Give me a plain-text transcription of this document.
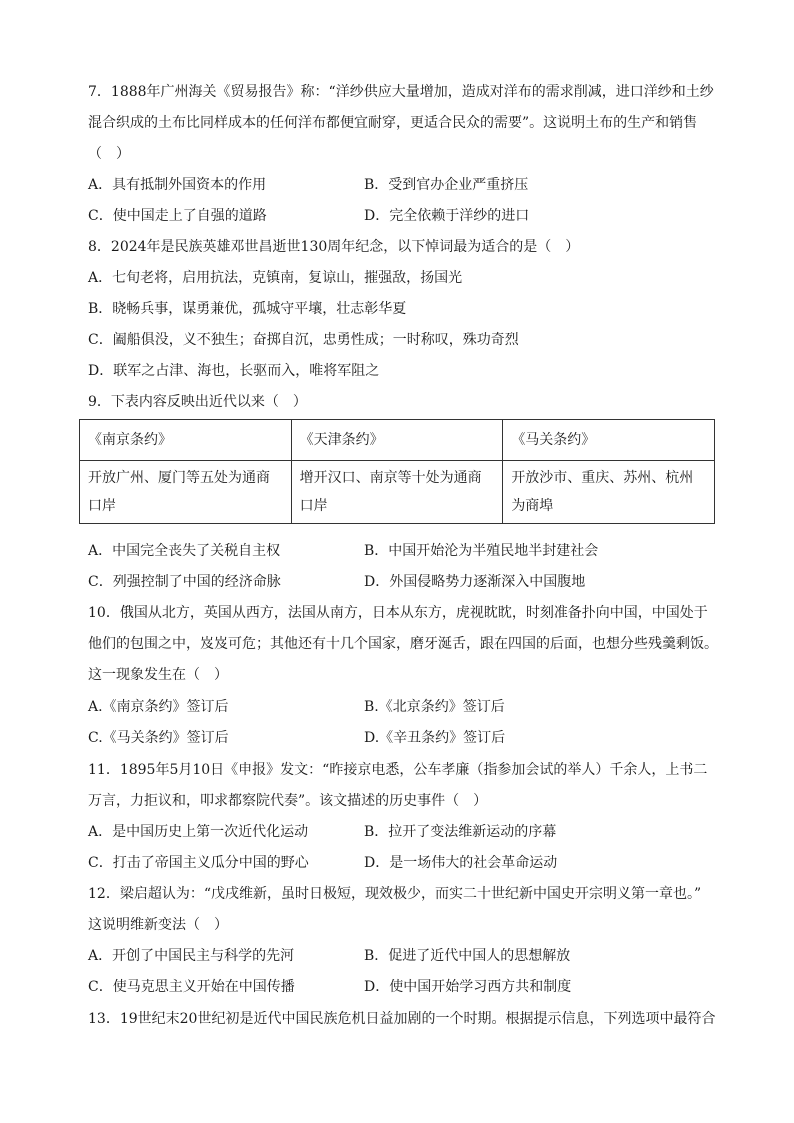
7．1888年广州海关《贸易报告》称：“洋纱供应大量增加，造成对洋布的需求削减，进口洋纱和土纱
混合织成的土布比同样成本的任何洋布都便宜耐穿，更适合民众的需要”。这说明土布的生产和销售
（　）
A．具有抵制外国资本的作用	B．受到官办企业严重挤压
C．使中国走上了自强的道路	D．完全依赖于洋纱的进口
8．2024年是民族英雄邓世昌逝世130周年纪念，以下悼词最为适合的是（　）
A．七旬老将，启用抗法，克镇南，复谅山，摧强敌，扬国光
B．晓畅兵事，谋勇兼优，孤城守平壤，壮志彰华夏
C．阖船俱没，义不独生；奋掷自沉，忠勇性成；一时称叹，殊功奇烈
D．联军之占津、海也，长驱而入，唯将军阻之
9．下表内容反映出近代以来（　）
《南京条约》	《天津条约》	《马关条约》
开放广州、厦门等五处为通商口岸	增开汉口、南京等十处为通商口岸	开放沙市、重庆、苏州、杭州为商埠
A．中国完全丧失了关税自主权	B．中国开始沦为半殖民地半封建社会
C．列强控制了中国的经济命脉	D．外国侵略势力逐渐深入中国腹地
10．俄国从北方，英国从西方，法国从南方，日本从东方，虎视眈眈，时刻准备扑向中国，中国处于
他们的包围之中，岌岌可危；其他还有十几个国家，磨牙涎舌，跟在四国的后面，也想分些残羹剩饭。
这一现象发生在（　）
A.《南京条约》签订后	B.《北京条约》签订后
C.《马关条约》签订后	D.《辛丑条约》签订后
11．1895年5月10日《申报》发文：“昨接京电悉，公车孝廉（指参加会试的举人）千余人，上书二
万言，力拒议和，叩求都察院代奏”。该文描述的历史事件（　）
A．是中国历史上第一次近代化运动	B．拉开了变法维新运动的序幕
C．打击了帝国主义瓜分中国的野心	D．是一场伟大的社会革命运动
12．梁启超认为：“戊戌维新，虽时日极短，现效极少，而实二十世纪新中国史开宗明义第一章也。”
这说明维新变法（　）
A．开创了中国民主与科学的先河	B．促进了近代中国人的思想解放
C．使马克思主义开始在中国传播	D．使中国开始学习西方共和制度
13．19世纪末20世纪初是近代中国民族危机日益加剧的一个时期。根据提示信息，下列选项中最符合
